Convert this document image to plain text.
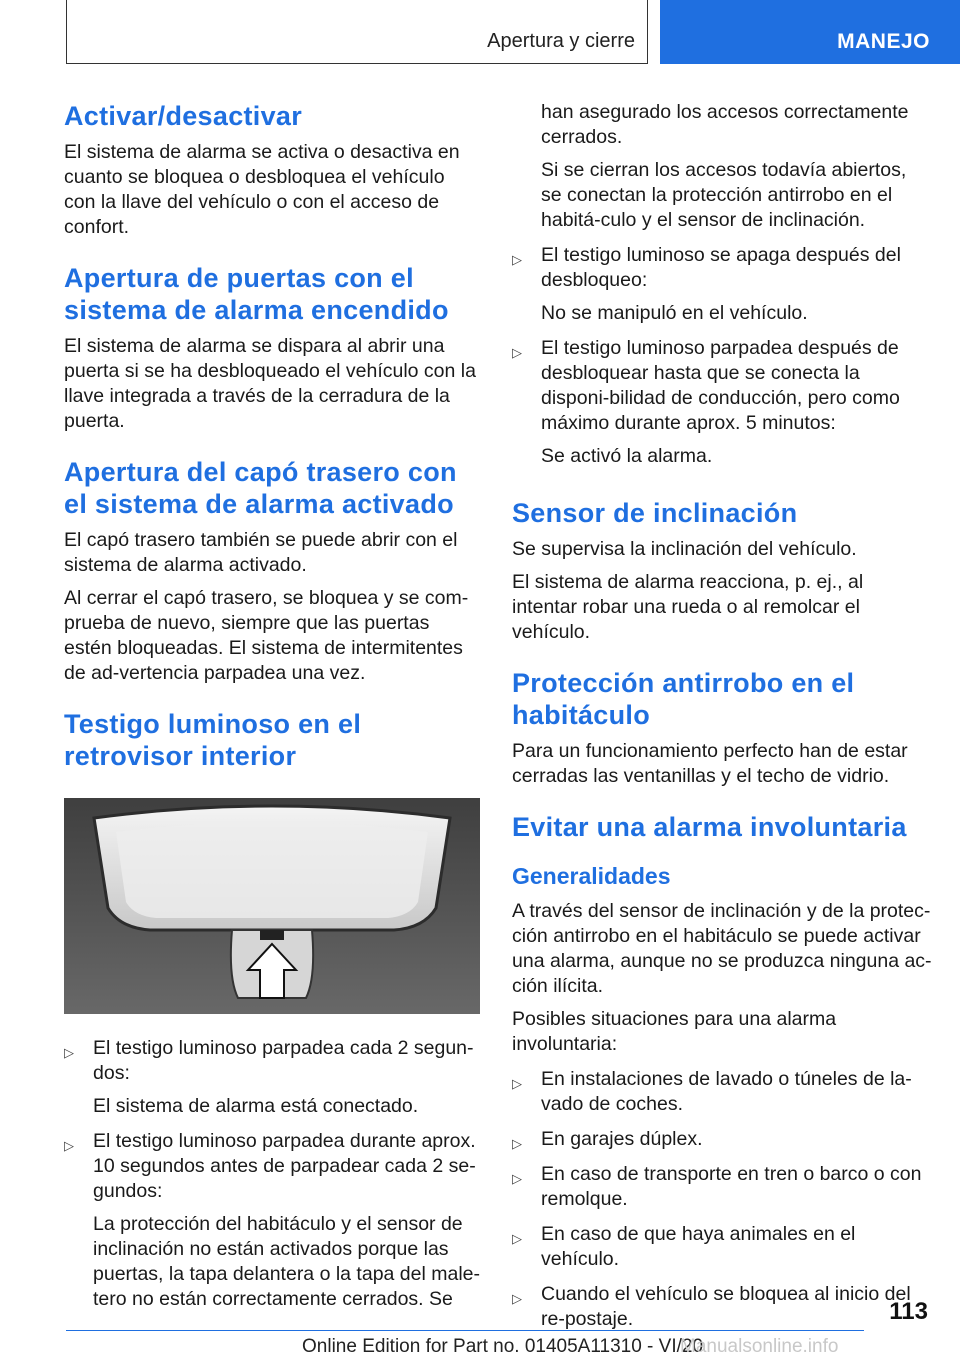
Apertura y cierre	MANEJO
Activar/desactivar

El sistema de alarma se activa o desactiva en cuanto se bloquea o desbloquea el vehículo con la llave del vehículo o con el acceso de confort.

Apertura de puertas con el sistema de alarma encendido

El sistema de alarma se dispara al abrir una puerta si se ha desbloqueado el vehículo con la llave integrada a través de la cerradura de la puerta.

Apertura del capó trasero con el sistema de alarma activado

El capó trasero también se puede abrir con el sistema de alarma activado.

Al cerrar el capó trasero, se bloquea y se com‐prueba de nuevo, siempre que las puertas estén bloqueadas. El sistema de intermitentes de ad‐vertencia parpadea una vez.

Testigo luminoso en el retrovisor interior
▷ El testigo luminoso parpadea cada 2 segun‐dos:
El sistema de alarma está conectado.
▷ El testigo luminoso parpadea durante aprox. 10 segundos antes de parpadear cada 2 se‐gundos:
La protección del habitáculo y el sensor de inclinación no están activados porque las puertas, la tapa delantera o la tapa del male‐tero no están correctamente cerrados. Se

han asegurado los accesos correctamente cerrados.

Si se cierran los accesos todavía abiertos, se conectan la protección antirrobo en el habitá‐culo y el sensor de inclinación.

▷ El testigo luminoso se apaga después del desbloqueo:
No se manipuló en el vehículo.
▷ El testigo luminoso parpadea después de desbloquear hasta que se conecta la disponi‐bilidad de conducción, pero como máximo durante aprox. 5 minutos:
Se activó la alarma.
Sensor de inclinación

Se supervisa la inclinación del vehículo.

El sistema de alarma reacciona, p. ej., al intentar robar una rueda o al remolcar el vehículo.

Protección antirrobo en el habitáculo

Para un funcionamiento perfecto han de estar cerradas las ventanillas y el techo de vidrio.

Evitar una alarma involuntaria
Generalidades

A través del sensor de inclinación y de la protec‐ción antirrobo en el habitáculo se puede activar una alarma, aunque no se produzca ninguna ac‐ción ilícita.

Posibles situaciones para una alarma involuntaria:

▷ En instalaciones de lavado o túneles de la‐vado de coches.
▷ En garajes dúplex.
▷ En caso de transporte en tren o barco o con remolque.
▷ En caso de que haya animales en el vehículo.
▷ Cuando el vehículo se bloquea al inicio del re‐postaje.	113
Online Edition for Part no. 01405A11310 - VI/20
Manualsonline.info
